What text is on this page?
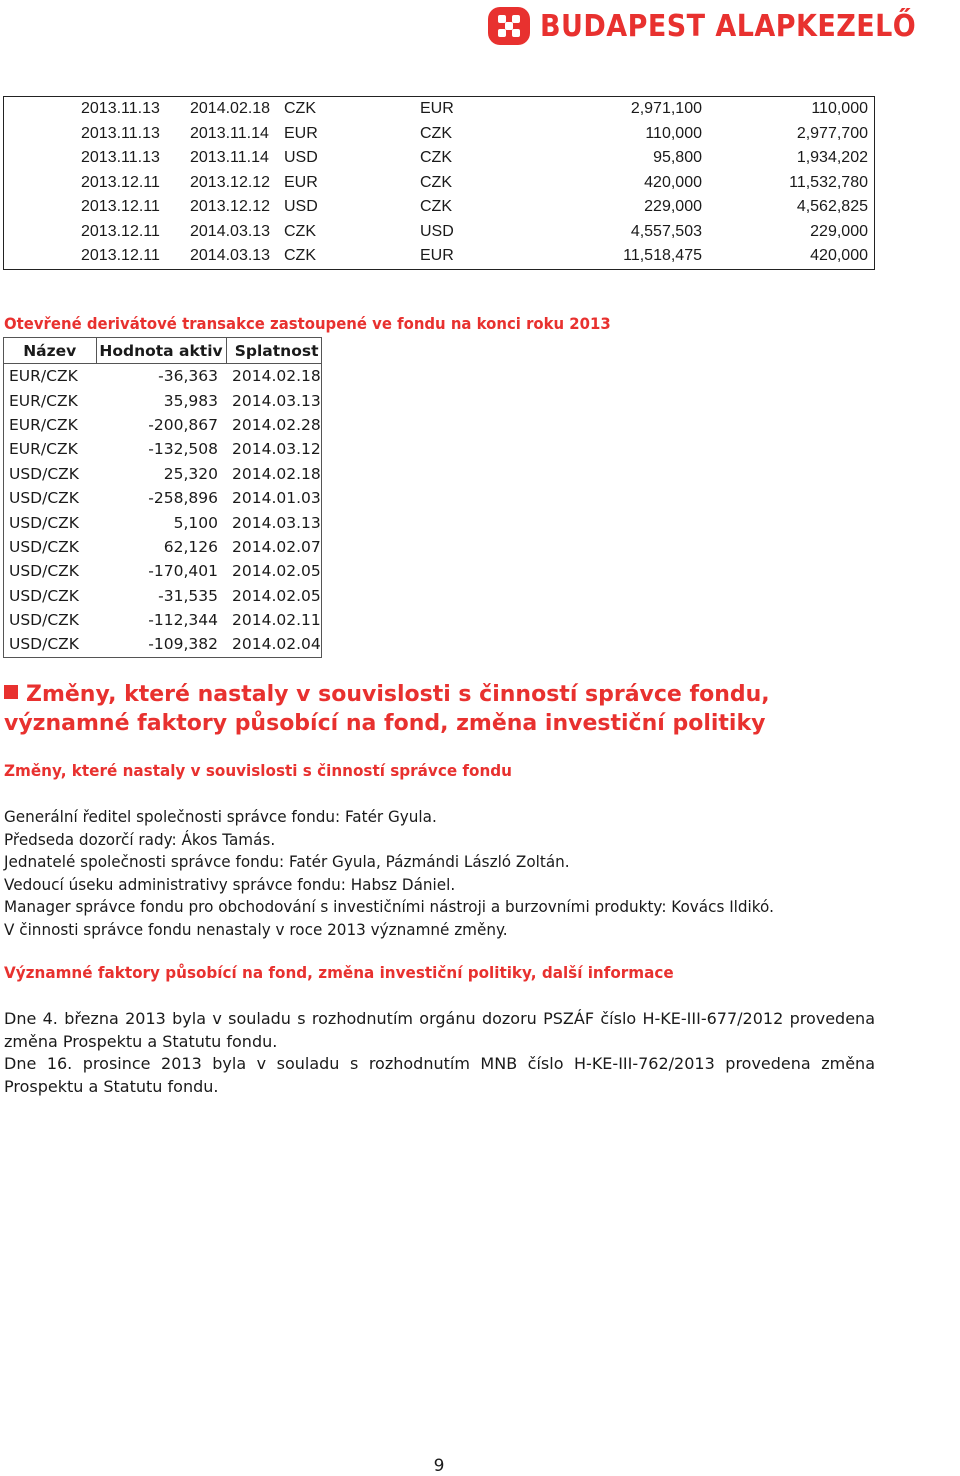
BUDAPEST ALAPKEZELŐ
2013.11.13	2014.02.18	CZK	EUR	2,971,100	110,000
2013.11.13	2013.11.14	EUR	CZK	110,000	2,977,700
2013.11.13	2013.11.14	USD	CZK	95,800	1,934,202
2013.12.11	2013.12.12	EUR	CZK	420,000	11,532,780
2013.12.11	2013.12.12	USD	CZK	229,000	4,562,825
2013.12.11	2014.03.13	CZK	USD	4,557,503	229,000
2013.12.11	2014.03.13	CZK	EUR	11,518,475	420,000
Otevřené derivátové transakce zastoupené ve fondu na konci roku 2013
Název	Hodnota aktiv	Splatnost
EUR/CZK	-36,363	2014.02.18
EUR/CZK	35,983	2014.03.13
EUR/CZK	-200,867	2014.02.28
EUR/CZK	-132,508	2014.03.12
USD/CZK	25,320	2014.02.18
USD/CZK	-258,896	2014.01.03
USD/CZK	5,100	2014.03.13
USD/CZK	62,126	2014.02.07
USD/CZK	-170,401	2014.02.05
USD/CZK	-31,535	2014.02.05
USD/CZK	-112,344	2014.02.11
USD/CZK	-109,382	2014.02.04
Změny, které nastaly v souvislosti s činností správce fondu, významné faktory působící na fond, změna investiční politiky
Změny, které nastaly v souvislosti s činností správce fondu
Generální ředitel společnosti správce fondu: Fatér Gyula.
Předseda dozorčí rady: Ákos Tamás.
Jednatelé společnosti správce fondu: Fatér Gyula, Pázmándi László Zoltán.
Vedoucí úseku administrativy správce fondu: Habsz Dániel.
Manager správce fondu pro obchodování s investičními nástroji a burzovními produkty: Kovács Ildikó.
V činnosti správce fondu nenastaly v roce 2013 významné změny.
Významné faktory působící na fond, změna investiční politiky, další informace
Dne 4. března 2013 byla v souladu s rozhodnutím orgánu dozoru PSZÁF číslo H-KE-III-677/2012 provedena změna Prospektu a Statutu fondu.
Dne 16. prosince 2013 byla v souladu s rozhodnutím MNB číslo H-KE-III-762/2013 provedena změna Prospektu a Statutu fondu.
9
